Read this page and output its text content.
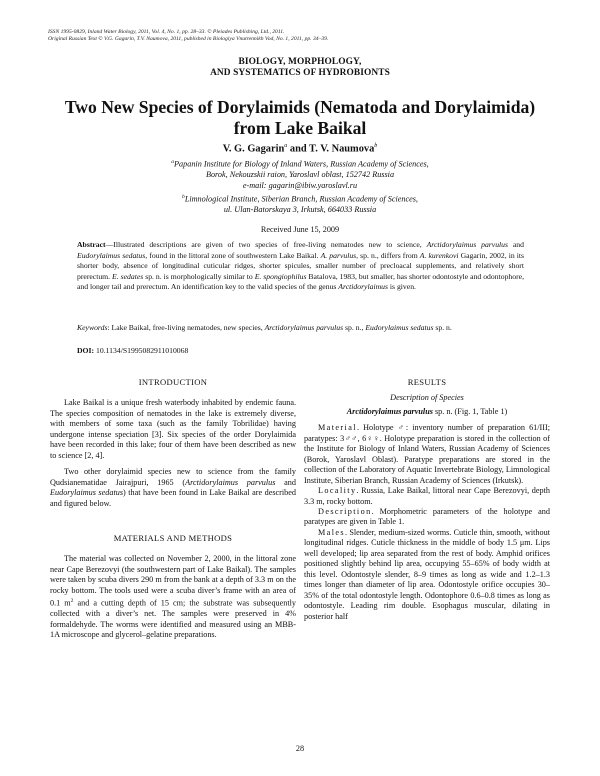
ISSN 1995-0829, Inland Water Biology, 2011, Vol. 4, No. 1, pp. 28–33. © Pleiades Publishing, Ltd., 2011.
Original Russian Text © V.G. Gagarin, T.V. Naumova, 2011, published in Biologiya Vnutrennikh Vod, No. 1, 2011, pp. 34–39.
BIOLOGY, MORPHOLOGY,
AND SYSTEMATICS OF HYDROBIONTS
Two New Species of Dorylaimids (Nematoda and Dorylaimida)
from Lake Baikal
V. G. Gagarin$^a$ and T. V. Naumova$^b$
$^a$Papanin Institute for Biology of Inland Waters, Russian Academy of Sciences,
Borok, Nekouzskii raion, Yaroslavl oblast, 152742 Russia
e-mail: gagarin@ibiw.yaroslavl.ru
$^b$Limnological Institute, Siberian Branch, Russian Academy of Sciences,
ul. Ulan-Batorskaya 3, Irkutsk, 664033 Russia
Received June 15, 2009
Abstract—Illustrated descriptions are given of two species of free-living nematodes new to science, Arctidorylaimus parvulus and Eudorylaimus sedatus, found in the littoral zone of southwestern Lake Baikal. A. parvulus, sp. n., differs from A. kurenkovi Gagarin, 2002, in its shorter body, absence of longitudinal cuticular ridges, shorter spicules, smaller number of precloacal supplements, and relatively short prerectum. E. sedates sp. n. is morphologically similar to E. spongiophilus Batalova, 1983, but smaller, has shorter odontostyle and odontophore, and longer tail and prerectum. An identification key to the valid species of the genus Arctidorylaimus is given.
Keywords: Lake Baikal, free-living nematodes, new species, Arctidorylaimus parvulus sp. n., Eudorylaimus sedatus sp. n.
DOI: 10.1134/S1995082911010068
INTRODUCTION

Lake Baikal is a unique fresh waterbody inhabited by endemic fauna. The species composition of nematodes in the lake is extremely diverse, with members of some taxa (such as the family Tobrilidae) having undergone intense speciation [3]. Six species of the order Dorylaimida have been recorded in this lake; four of them have been described as new to science [2, 4].

Two other dorylaimid species new to science from the family Qudsianematidae Jairajpuri, 1965 (Arctidorylaimus parvulus and Eudorylaimus sedatus) that have been found in Lake Baikal are described and figured below.

MATERIALS AND METHODS

The material was collected on November 2, 2000, in the littoral zone near Cape Berezovyi (the southwestern part of Lake Baikal). The samples were taken by scuba divers 290 m from the bank at a depth of 3.3 m on the rocky bottom. The tools used were a scuba diver’s frame with an area of 0.1 $m^2$ and a cutting depth of 15 cm; the substrate was subsequently collected with a diver’s net. The samples were preserved in 4% formaldehyde. The worms were identified and measured using an MBB-1A microscope and glycerol–gelatine preparations.

RESULTS
Description of Species
Arctidorylaimus parvulus sp. n. (Fig. 1, Table 1)

Material. Holotype ♂: inventory number of preparation 61/III; paratypes: 3♂♂, 6♀♀. Holotype preparation is stored in the collection of the Institute for Biology of Inland Waters, Russian Academy of Sciences (Borok, Yaroslavl Oblast). Paratype preparations are stored in the collection of the Laboratory of Aquatic Invertebrate Biology, Limnological Institute, Siberian Branch, Russian Academy of Sciences (Irkutsk).

Locality. Russia, Lake Baikal, littoral near Cape Berezovyi, depth 3.3 m, rocky bottom.

Description. Morphometric parameters of the holotype and paratypes are given in Table 1.

Males. Slender, medium-sized worms. Cuticle thin, smooth, without longitudinal ridges. Cuticle thickness in the middle of body 1.5 μm. Lips well developed; lip area separated from the rest of body. Amphid orifices positioned slightly behind lip area, occupying 55–65% of body width at this level. Odontostyle slender, 8–9 times as long as wide and 1.2–1.3 times longer than diameter of lip area. Odontostyle orifice occupies 30–35% of the total odontostyle length. Odontophore 0.6–0.8 times as long as odontostyle. Leading rim double. Esophagus muscular, dilating in posterior half

28
